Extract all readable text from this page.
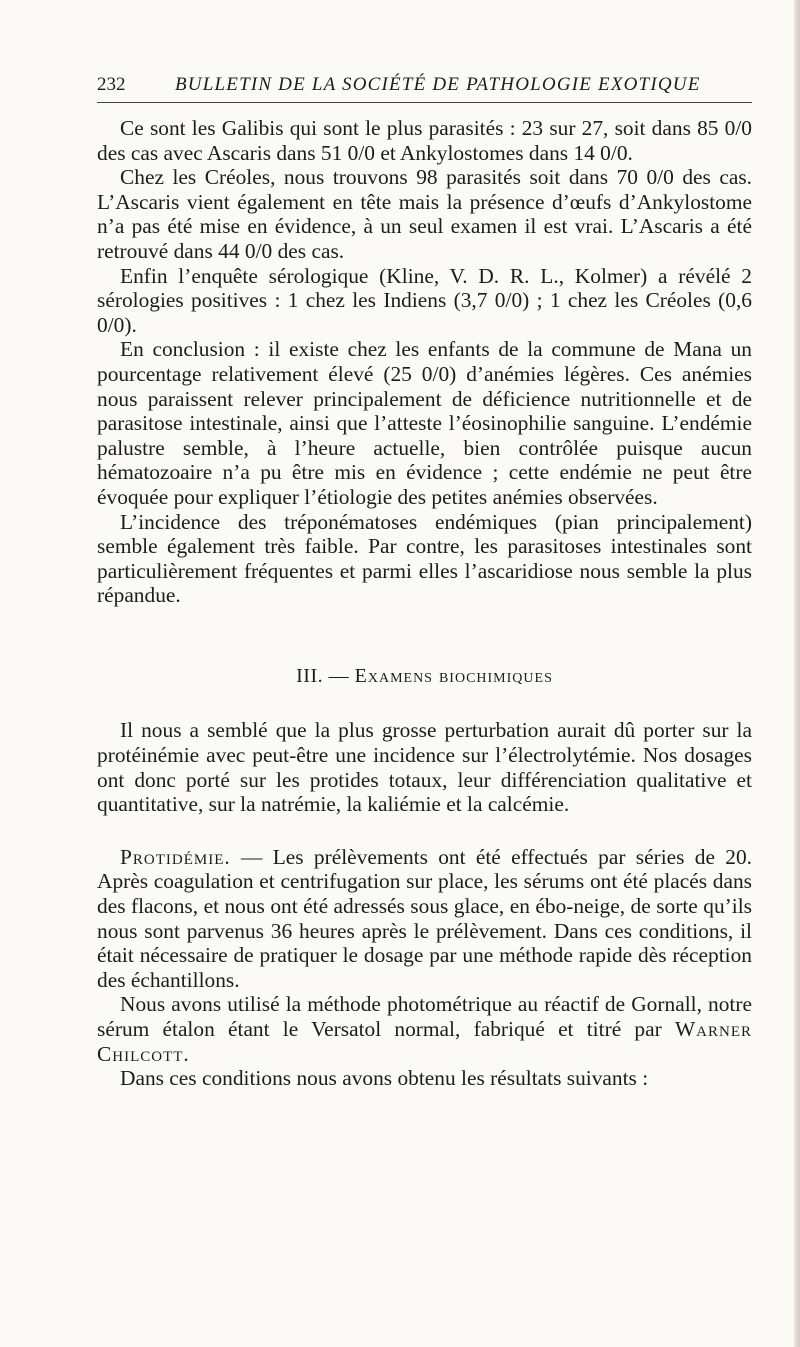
232	BULLETIN DE LA SOCIÉTÉ DE PATHOLOGIE EXOTIQUE

Ce sont les Galibis qui sont le plus parasités : 23 sur 27, soit dans 85 0/0 des cas avec Ascaris dans 51 0/0 et Ankylostomes dans 14 0/0.

Chez les Créoles, nous trouvons 98 parasités soit dans 70 0/0 des cas. L’Ascaris vient également en tête mais la présence d’œufs d’Ankylostome n’a pas été mise en évidence, à un seul examen il est vrai. L’Ascaris a été retrouvé dans 44 0/0 des cas.

Enfin l’enquête sérologique (Kline, V. D. R. L., Kolmer) a révélé 2 sérologies positives : 1 chez les Indiens (3,7 0/0) ; 1 chez les Créoles (0,6 0/0).

En conclusion : il existe chez les enfants de la commune de Mana un pourcentage relativement élevé (25 0/0) d’anémies légères. Ces anémies nous paraissent relever principalement de déficience nutritionnelle et de parasitose intestinale, ainsi que l’atteste l’éosinophilie sanguine. L’endémie palustre semble, à l’heure actuelle, bien contrôlée puisque aucun hématozoaire n’a pu être mis en évidence ; cette endémie ne peut être évoquée pour expliquer l’étiologie des petites anémies observées.

L’incidence des tréponématoses endémiques (pian principalement) semble également très faible. Par contre, les parasitoses intestinales sont particulièrement fréquentes et parmi elles l’ascaridiose nous semble la plus répandue.

III. — Examens biochimiques

Il nous a semblé que la plus grosse perturbation aurait dû porter sur la protéinémie avec peut-être une incidence sur l’électrolytémie. Nos dosages ont donc porté sur les protides totaux, leur différenciation qualitative et quantitative, sur la natrémie, la kaliémie et la calcémie.

Protidémie. — Les prélèvements ont été effectués par séries de 20. Après coagulation et centrifugation sur place, les sérums ont été placés dans des flacons, et nous ont été adressés sous glace, en ébo-neige, de sorte qu’ils nous sont parvenus 36 heures après le prélèvement. Dans ces conditions, il était nécessaire de pratiquer le dosage par une méthode rapide dès réception des échantillons.

Nous avons utilisé la méthode photométrique au réactif de Gornall, notre sérum étalon étant le Versatol normal, fabriqué et titré par Warner Chilcott.

Dans ces conditions nous avons obtenu les résultats suivants :
